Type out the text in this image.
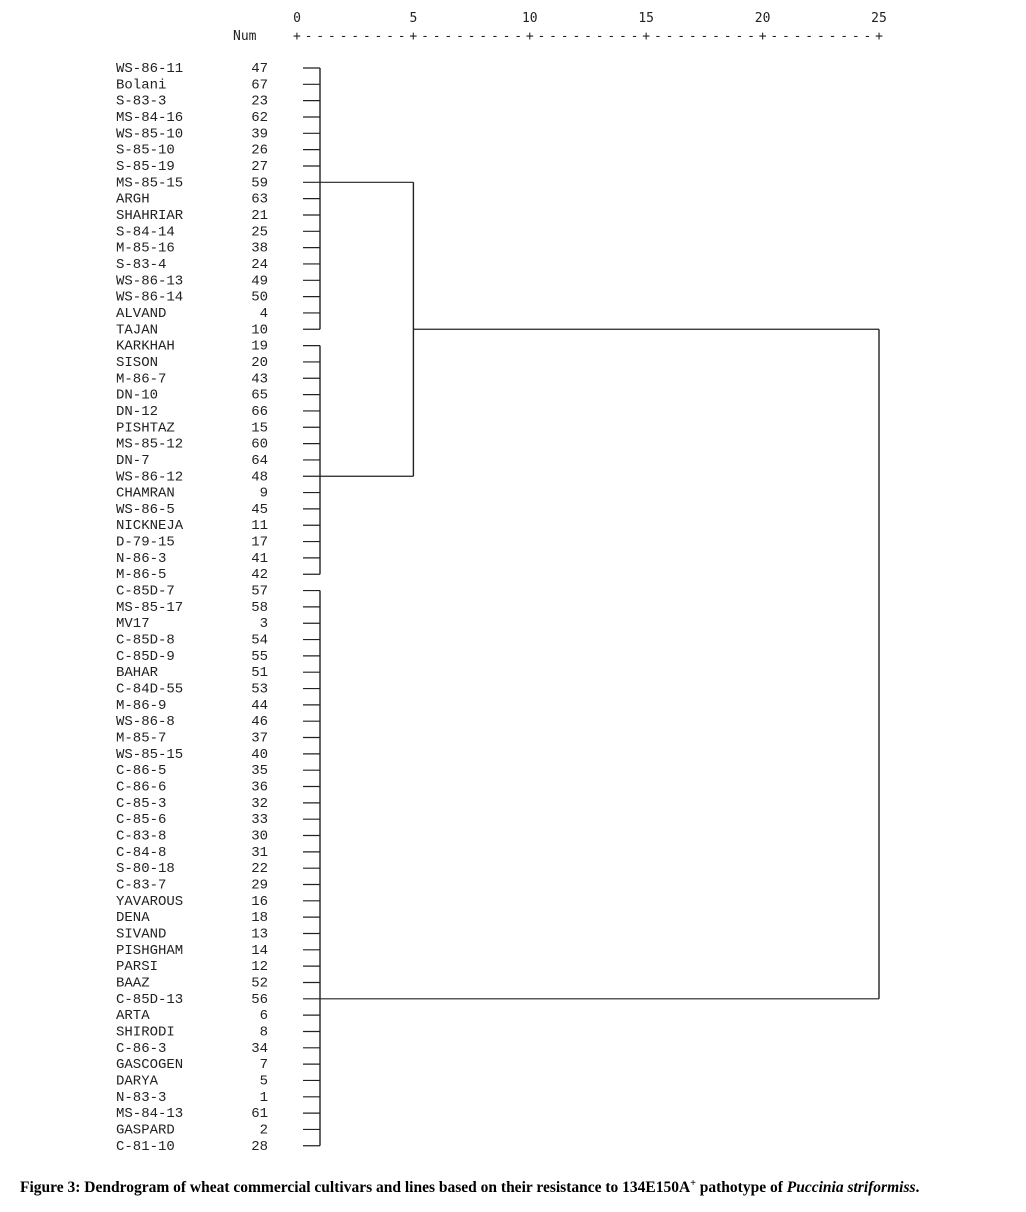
0	5	10	15	20	25
+---------+---------+---------+---------+---------+
Num
WS-86-11	47
Bolani	67
S-83-3	23
MS-84-16	62
WS-85-10	39
S-85-10	26
S-85-19	27
MS-85-15	59
ARGH	63
SHAHRIAR	21
S-84-14	25
M-85-16	38
S-83-4	24
WS-86-13	49
WS-86-14	50
ALVAND	4
TAJAN	10
KARKHAH	19
SISON	20
M-86-7	43
DN-10	65
DN-12	66
PISHTAZ	15
MS-85-12	60
DN-7	64
WS-86-12	48
CHAMRAN	9
WS-86-5	45
NICKNEJA	11
D-79-15	17
N-86-3	41
M-86-5	42
C-85D-7	57
MS-85-17	58
MV17	3
C-85D-8	54
C-85D-9	55
BAHAR	51
C-84D-55	53
M-86-9	44
WS-86-8	46
M-85-7	37
WS-85-15	40
C-86-5	35
C-86-6	36
C-85-3	32
C-85-6	33
C-83-8	30
C-84-8	31
S-80-18	22
C-83-7	29
YAVAROUS	16
DENA	18
SIVAND	13
PISHGHAM	14
PARSI	12
BAAZ	52
C-85D-13	56
ARTA	6
SHIRODI	8
C-86-3	34
GASCOGEN	7
DARYA	5
N-83-3	1
MS-84-13	61
GASPARD	2
C-81-10	28
Figure 3: Dendrogram of wheat commercial cultivars and lines based on their resistance to 134E150A+ pathotype of Puccinia striformiss.
